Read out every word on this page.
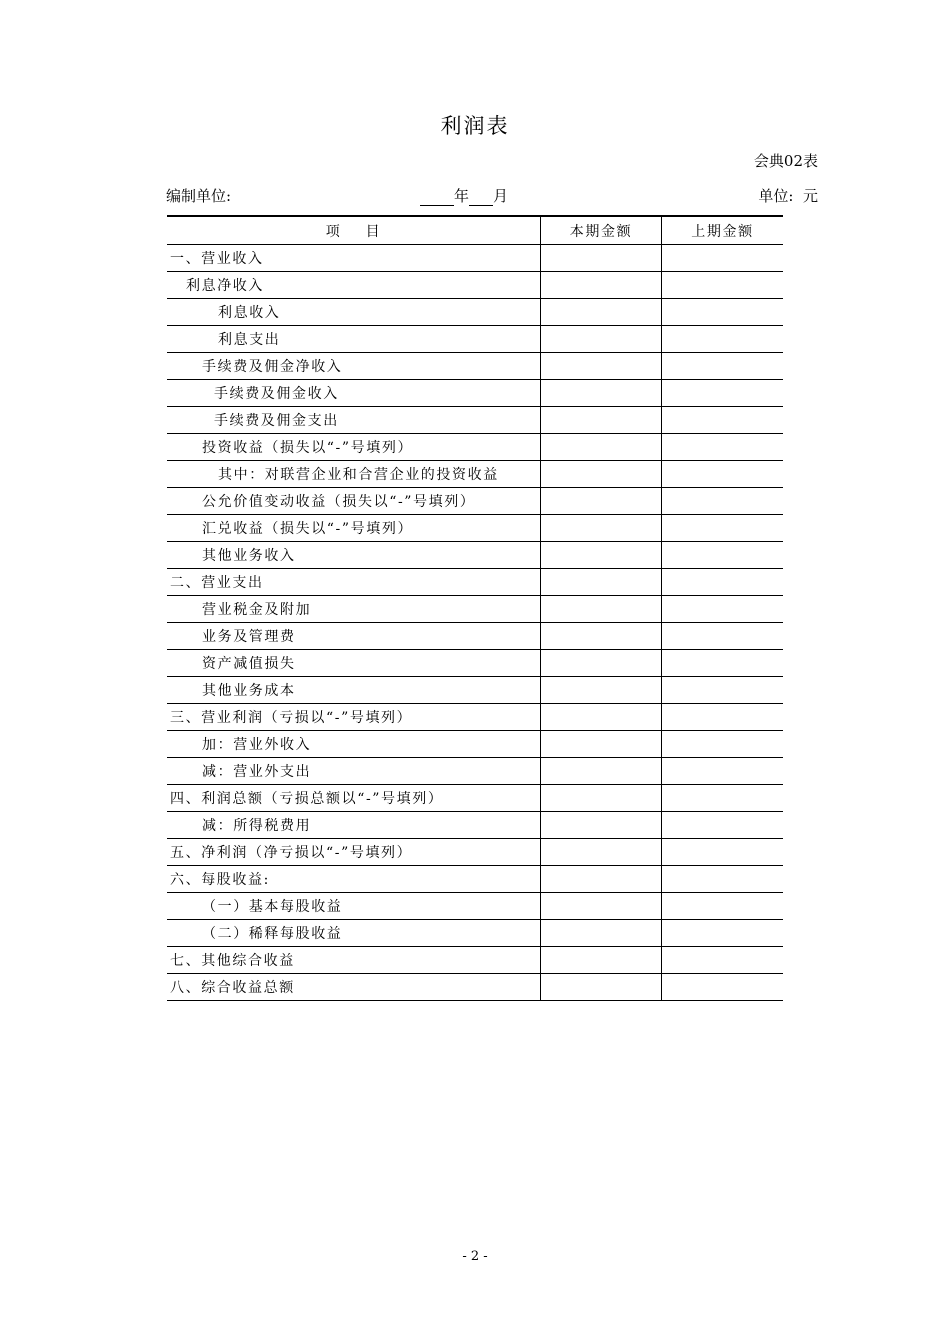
利润表
会典02表
编制单位:	年 月	单位: 元
项    目	本期金额	上期金额
一、营业收入		
利息净收入		
利息收入		
利息支出		
手续费及佣金净收入		
手续费及佣金收入		
手续费及佣金支出		
投资收益（损失以“-”号填列）		
其中：对联营企业和合营企业的投资收益		
公允价值变动收益（损失以“-”号填列）		
汇兑收益（损失以“-”号填列）		
其他业务收入		
二、营业支出		
营业税金及附加		
业务及管理费		
资产减值损失		
其他业务成本		
三、营业利润（亏损以“-”号填列）		
加：营业外收入		
减：营业外支出		
四、利润总额（亏损总额以“-”号填列）		
减：所得税费用		
五、净利润（净亏损以“-”号填列）		
六、每股收益:		
（一）基本每股收益		
（二）稀释每股收益		
七、其他综合收益		
八、综合收益总额		
- 2 -
